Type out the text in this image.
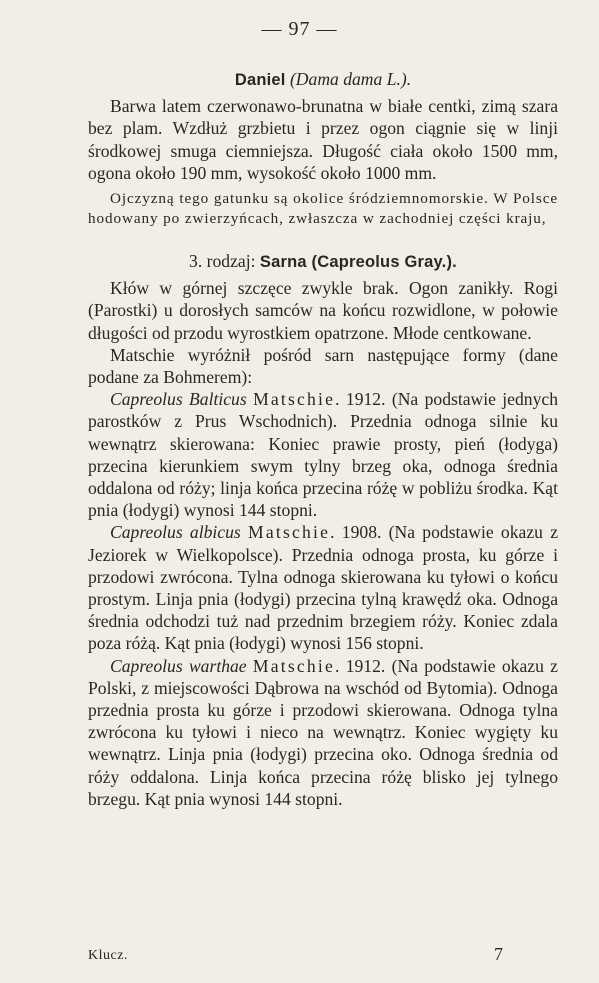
— 97 —

Daniel (Dama dama L.).

Barwa latem czerwonawo-brunatna w białe centki, zimą szara bez plam. Wzdłuż grzbietu i przez ogon ciągnie się w linji środkowej smuga ciemniejsza. Długość ciała około 1500 mm, ogona około 190 mm, wysokość około 1000 mm.

Ojczyzną tego gatunku są okolice śródziemnomorskie. W Polsce hodowany po zwierzyńcach, zwłaszcza w zachodniej części kraju,

3. rodzaj: Sarna (Capreolus Gray.).

Kłów w górnej szczęce zwykle brak. Ogon zanikły. Rogi (Parostki) u dorosłych samców na końcu rozwidlone, w połowie długości od przodu wyrostkiem opatrzone. Młode centkowane.

Matschie wyróżnił pośród sarn następujące formy (dane podane za Bohmerem):

Capreolus Balticus Matschie. 1912. (Na podstawie jednych parostków z Prus Wschodnich). Przednia odnoga silnie ku wewnątrz skierowana: Koniec prawie prosty, pień (łodyga) przecina kierunkiem swym tylny brzeg oka, odnoga średnia oddalona od róży; linja końca przecina różę w pobliżu środka. Kąt pnia (łodygi) wynosi 144 stopni.

Capreolus albicus Matschie. 1908. (Na podstawie okazu z Jeziorek w Wielkopolsce). Przednia odnoga prosta, ku górze i przodowi zwrócona. Tylna odnoga skierowana ku tyłowi o końcu prostym. Linja pnia (łodygi) przecina tylną krawędź oka. Odnoga średnia odchodzi tuż nad przednim brzegiem róży. Koniec zdala poza różą. Kąt pnia (łodygi) wynosi 156 stopni.

Capreolus warthae Matschie. 1912. (Na podstawie okazu z Polski, z miejscowości Dąbrowa na wschód od Bytomia). Odnoga przednia prosta ku górze i przodowi skierowana. Odnoga tylna zwrócona ku tyłowi i nieco na wewnątrz. Koniec wygięty ku wewnątrz. Linja pnia (łodygi) przecina oko. Odnoga średnia od róży oddalona. Linja końca przecina różę blisko jej tylnego brzegu. Kąt pnia wynosi 144 stopni.

Klucz.	7
